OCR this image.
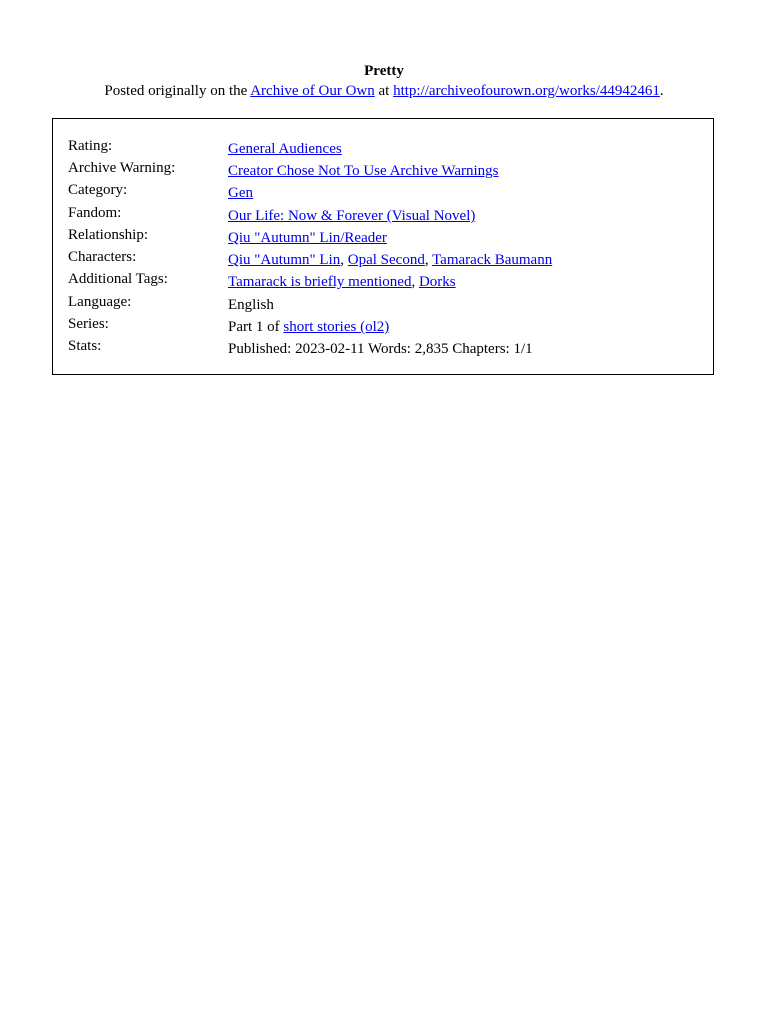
Pretty
Posted originally on the Archive of Our Own at http://archiveofourown.org/works/44942461.
Rating:	General Audiences
Archive Warning:	Creator Chose Not To Use Archive Warnings
Category:	Gen
Fandom:	Our Life: Now & Forever (Visual Novel)
Relationship:	Qiu "Autumn" Lin/Reader
Characters:	Qiu "Autumn" Lin, Opal Second, Tamarack Baumann
Additional Tags:	Tamarack is briefly mentioned, Dorks
Language:	English
Series:	Part 1 of short stories (ol2)
Stats:	Published: 2023-02-11 Words: 2,835 Chapters: 1/1
